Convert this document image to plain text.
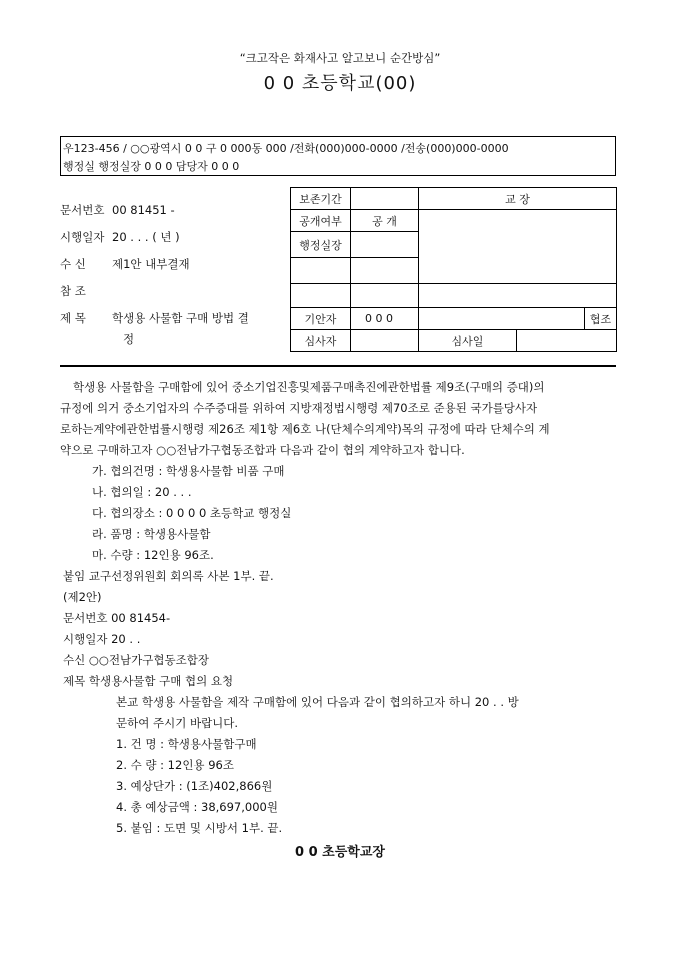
“크고작은 화재사고 알고보니 순간방심”
0 0 초등학교(00)
우123-456 / ○○광역시 0 0 구 0 000동 000 /전화(000)000-0000 /전송(000)000-0000
행정실 행정실장 0 0 0 담당자 0 0 0
문서번호 00 81451 -
시행일자 20 . . . ( 년 )
수 신 제1안 내부결재
참 조
제 목 학생용 사물함 구매 방법 결
정
보존기간		교 장		
공개여부	공 개			
행정실장				

기안자	0 0 0			협조
심사자		심사일		
학생용 사물함을 구매함에 있어 중소기업진흥및제품구매촉진에관한법률 제9조(구매의 증대)의
규정에 의거 중소기업자의 수주증대를 위하여 지방재정법시행령 제70조로 준용된 국가를당사자
로하는계약에관한법률시행령 제26조 제1항 제6호 나(단체수의계약)목의 규정에 따라 단체수의 계
약으로 구매하고자 ○○전남가구협동조합과 다음과 같이 협의 계약하고자 합니다.
가. 협의건명 : 학생용사물함 비품 구매
나. 협의일 : 20 . . .
다. 협의장소 : 0 0 0 0 초등학교 행정실
라. 품명 : 학생용사물함
마. 수량 : 12인용 96조.
붙임 교구선정위원회 회의록 사본 1부. 끝.
(제2안)
문서번호 00 81454-
시행일자 20 . .
수신 ○○전남가구협동조합장
제목 학생용사물함 구매 협의 요청
본교 학생용 사물함을 제작 구매함에 있어 다음과 같이 협의하고자 하니 20 . . 방
문하여 주시기 바랍니다.
1. 건 명 : 학생용사물함구매
2. 수 량 : 12인용 96조
3. 예상단가 : (1조)402,866원
4. 총 예상금액 : 38,697,000원
5. 붙임 : 도면 및 시방서 1부. 끝.
0 0 초등학교장
